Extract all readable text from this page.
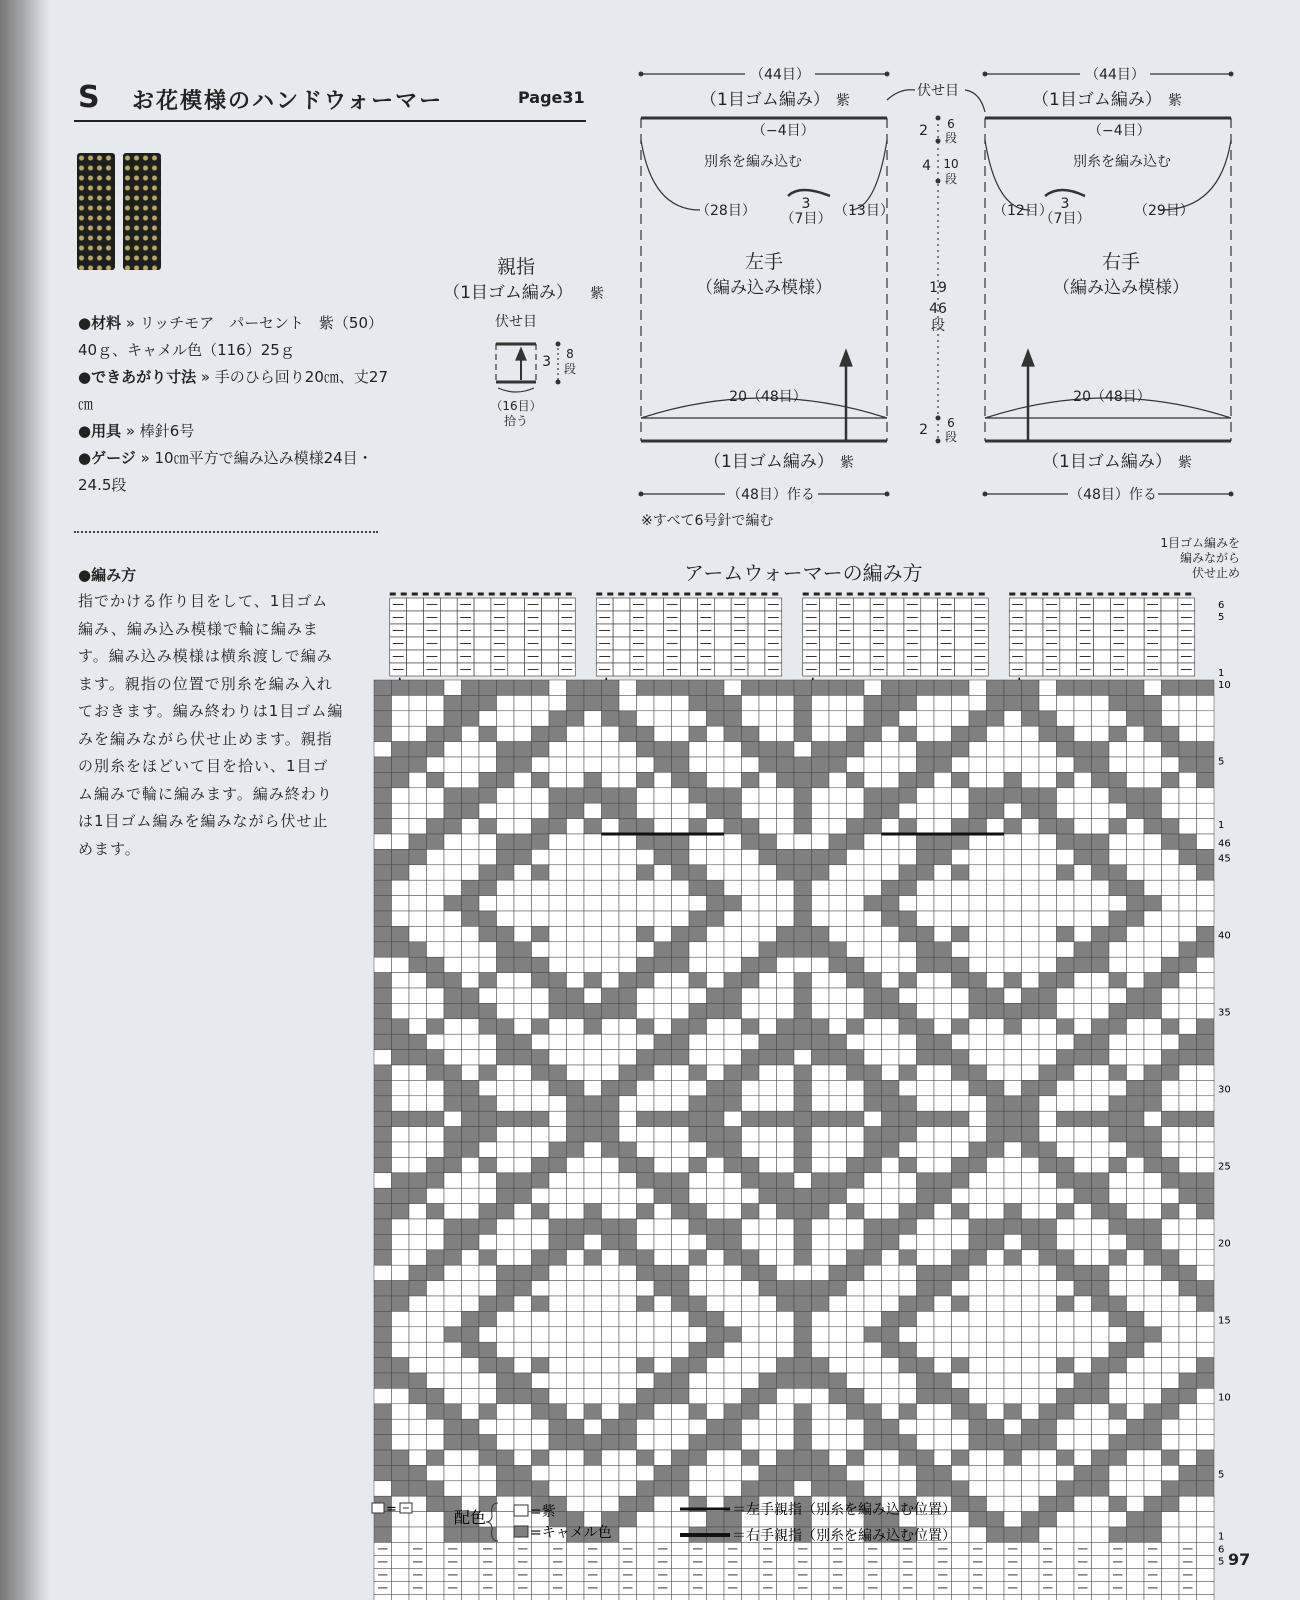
S お花模様のハンドウォーマー	Page31
●材料 » リッチモア　パーセント　紫（50）40ｇ、キャメル色（116）25ｇ
●できあがり寸法 » 手のひら回り20㎝、丈27㎝
●用具 » 棒針6号
●ゲージ » 10㎝平方で編み込み模様24目・24.5段
●編み方
指でかける作り目をして、1目ゴム編み、編み込み模様で輪に編みます。編み込み模様は横糸渡しで編みます。親指の位置で別糸を編み入れておきます。編み終わりは1目ゴム編みを編みながら伏せ止めます。親指の別糸をほどいて目を拾い、1目ゴム編みで輪に編みます。編み終わりは1目ゴム編みを編みながら伏せ止めます。
（44目）	（44目）
伏せ目
（1目ゴム編み） 紫	（1目ゴム編み） 紫
（−4目）	（−4目）
別糸を編み込む	別糸を編み込む
（28目）	3
（7目） （13目）	（12目） 3
（7目）	（29目）
左手
（編み込み模様）
右手
（編み込み模様）
20（48目）	20（48目）
（1目ゴム編み） 紫	（1目ゴム編み） 紫
（48目）作る	（48目）作る
※すべて6号針で編む
2 6
段
4 10
段
19
46
段
2 6
段
親指
（1目ゴム編み） 紫
伏せ目
3 8
段
（16目）
拾う
アームウォーマーの編み方
1目ゴム編みを
編みながら
伏せ止め
6
5
1
10
5
1
46
45
40
35
30
25
20
15
10
5
1
6
5
=	配色	=紫
=キャメル色
＝左手親指（別糸を編み込む位置）
＝右手親指（別糸を編み込む位置）
97
